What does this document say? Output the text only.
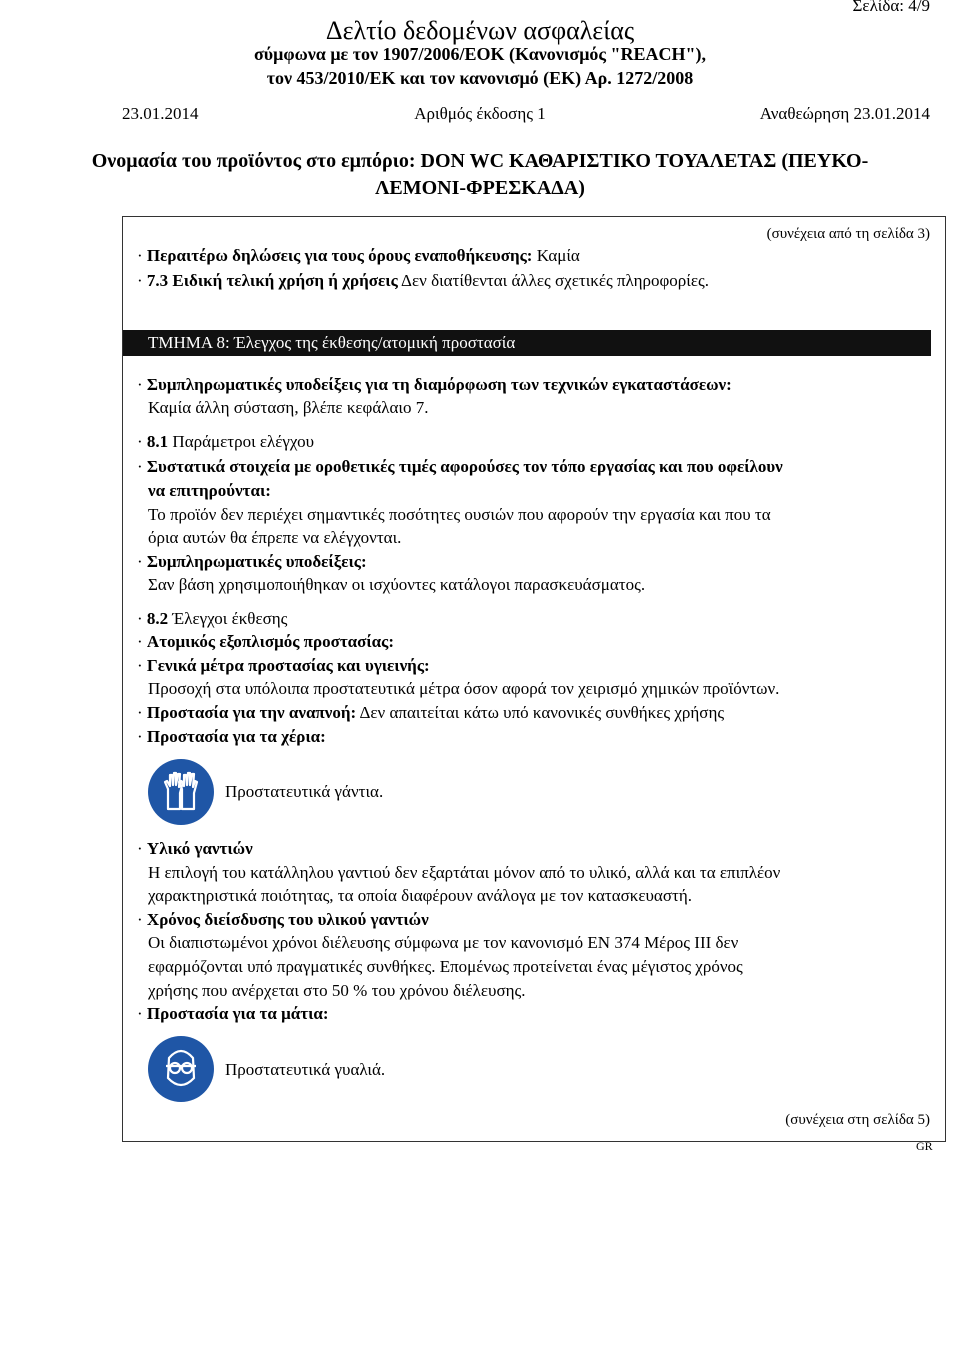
Σελίδα: 4/9
Δελτίο δεδομένων ασφαλείας
σύμφωνα με τον 1907/2006/ΕΟΚ (Κανονισμός "REACH"),
τον 453/2010/ΕΚ και τον κανονισμό (ΕΚ) Αρ. 1272/2008
23.01.2014	Αριθμός έκδοσης 1	Αναθεώρηση 23.01.2014
Ονομασία του προϊόντος στο εμπόριο: DON WC ΚΑΘΑΡΙΣΤΙΚΟ ΤΟΥΑΛΕΤΑΣ (ΠΕΥΚΟ-
ΛΕΜΟΝΙ-ΦΡΕΣΚΑΔΑ)
(συνέχεια από τη σελίδα 3)
· Περαιτέρω δηλώσεις για τους όρους εναποθήκευσης: Καμία
· 7.3 Ειδική τελική χρήση ή χρήσεις Δεν διατίθενται άλλες σχετικές πληροφορίες.
ΤΜΗΜΑ 8: Έλεγχος της έκθεσης/ατομική προστασία
· Συμπληρωματικές υποδείξεις για τη διαμόρφωση των τεχνικών εγκαταστάσεων:
Καμία άλλη σύσταση, βλέπε κεφάλαιο 7.
· 8.1 Παράμετροι ελέγχου
· Συστατικά στοιχεία με οροθετικές τιμές αφορούσες τον τόπο εργασίας και που οφείλουν
να επιτηρούνται:
Το προϊόν δεν περιέχει σημαντικές ποσότητες ουσιών που αφορούν την εργασία και που τα
όρια αυτών θα έπρεπε να ελέγχονται.
· Συμπληρωματικές υποδείξεις:
Σαν βάση χρησιμοποιήθηκαν οι ισχύοντες κατάλογοι παρασκευάσματος.
· 8.2 Έλεγχοι έκθεσης
· Ατομικός εξοπλισμός προστασίας:
· Γενικά μέτρα προστασίας και υγιεινής:
Προσοχή στα υπόλοιπα προστατευτικά μέτρα όσον αφορά τον χειρισμό χημικών προϊόντων.
· Προστασία για την αναπνοή: Δεν απαιτείται κάτω υπό κανονικές συνθήκες χρήσης
· Προστασία για τα χέρια:
Προστατευτικά γάντια.
· Υλικό γαντιών
Η επιλογή του κατάλληλου γαντιού δεν εξαρτάται μόνον από το υλικό, αλλά και τα επιπλέον
χαρακτηριστικά ποιότητας, τα οποία διαφέρουν ανάλογα με τον κατασκευαστή.
· Χρόνος διείσδυσης του υλικού γαντιών
Οι διαπιστωμένοι χρόνοι διέλευσης σύμφωνα με τον κανονισμό EN 374 Μέρος ΙΙΙ δεν
εφαρμόζονται υπό πραγματικές συνθήκες. Επομένως προτείνεται ένας μέγιστος χρόνος
χρήσης που ανέρχεται στο 50 % του χρόνου διέλευσης.
· Προστασία για τα μάτια:
Προστατευτικά γυαλιά.
(συνέχεια στη σελίδα 5)
GR
